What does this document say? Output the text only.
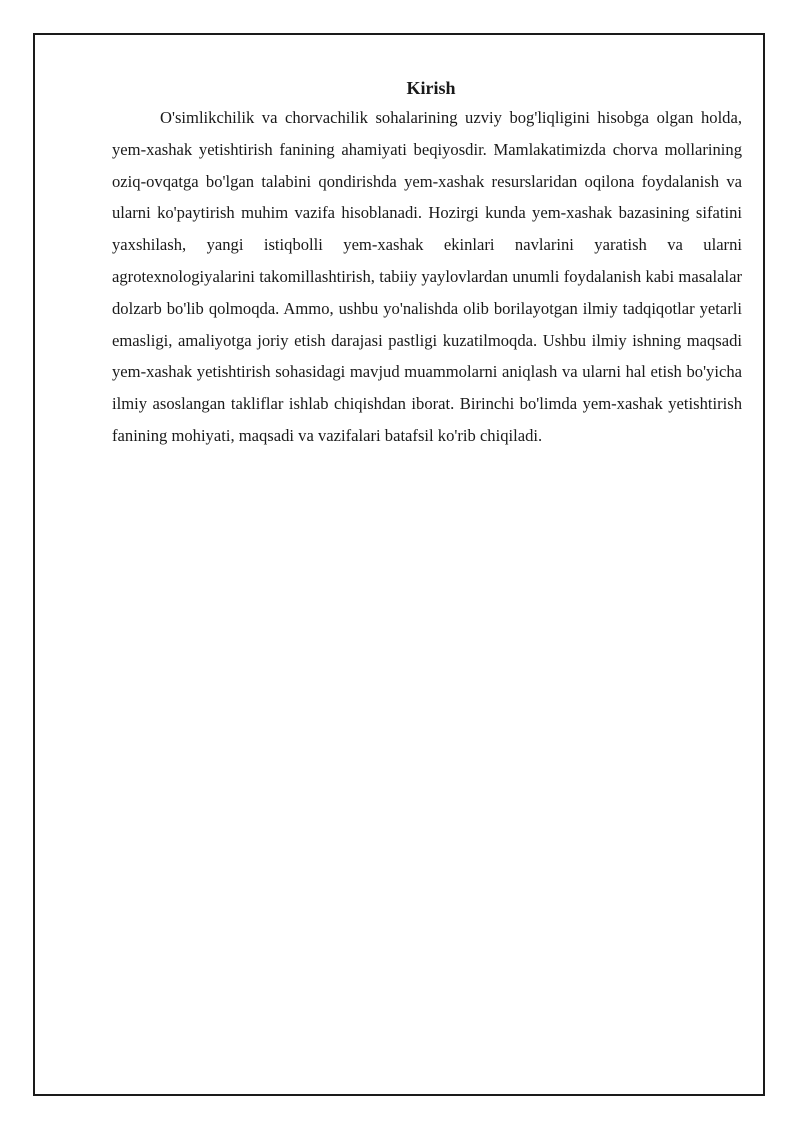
Kirish

O'simlikchilik va chorvachilik sohalarining uzviy bog'liqligini hisobga olgan holda, yem-xashak yetishtirish fanining ahamiyati beqiyosdir. Mamlakatimizda chorva mollarining oziq-ovqatga bo'lgan talabini qondirishda yem-xashak resurslaridan oqilona foydalanish va ularni ko'paytirish muhim vazifa hisoblanadi. Hozirgi kunda yem-xashak bazasining sifatini yaxshilash, yangi istiqbolli yem-xashak ekinlari navlarini yaratish va ularni agrotexnologiyalarini takomillashtirish, tabiiy yaylovlardan unumli foydalanish kabi masalalar dolzarb bo'lib qolmoqda. Ammo, ushbu yo'nalishda olib borilayotgan ilmiy tadqiqotlar yetarli emasligi, amaliyotga joriy etish darajasi pastligi kuzatilmoqda. Ushbu ilmiy ishning maqsadi yem-xashak yetishtirish sohasidagi mavjud muammolarni aniqlash va ularni hal etish bo'yicha ilmiy asoslangan takliflar ishlab chiqishdan iborat. Birinchi bo'limda yem-xashak yetishtirish fanining mohiyati, maqsadi va vazifalari batafsil ko'rib chiqiladi.
